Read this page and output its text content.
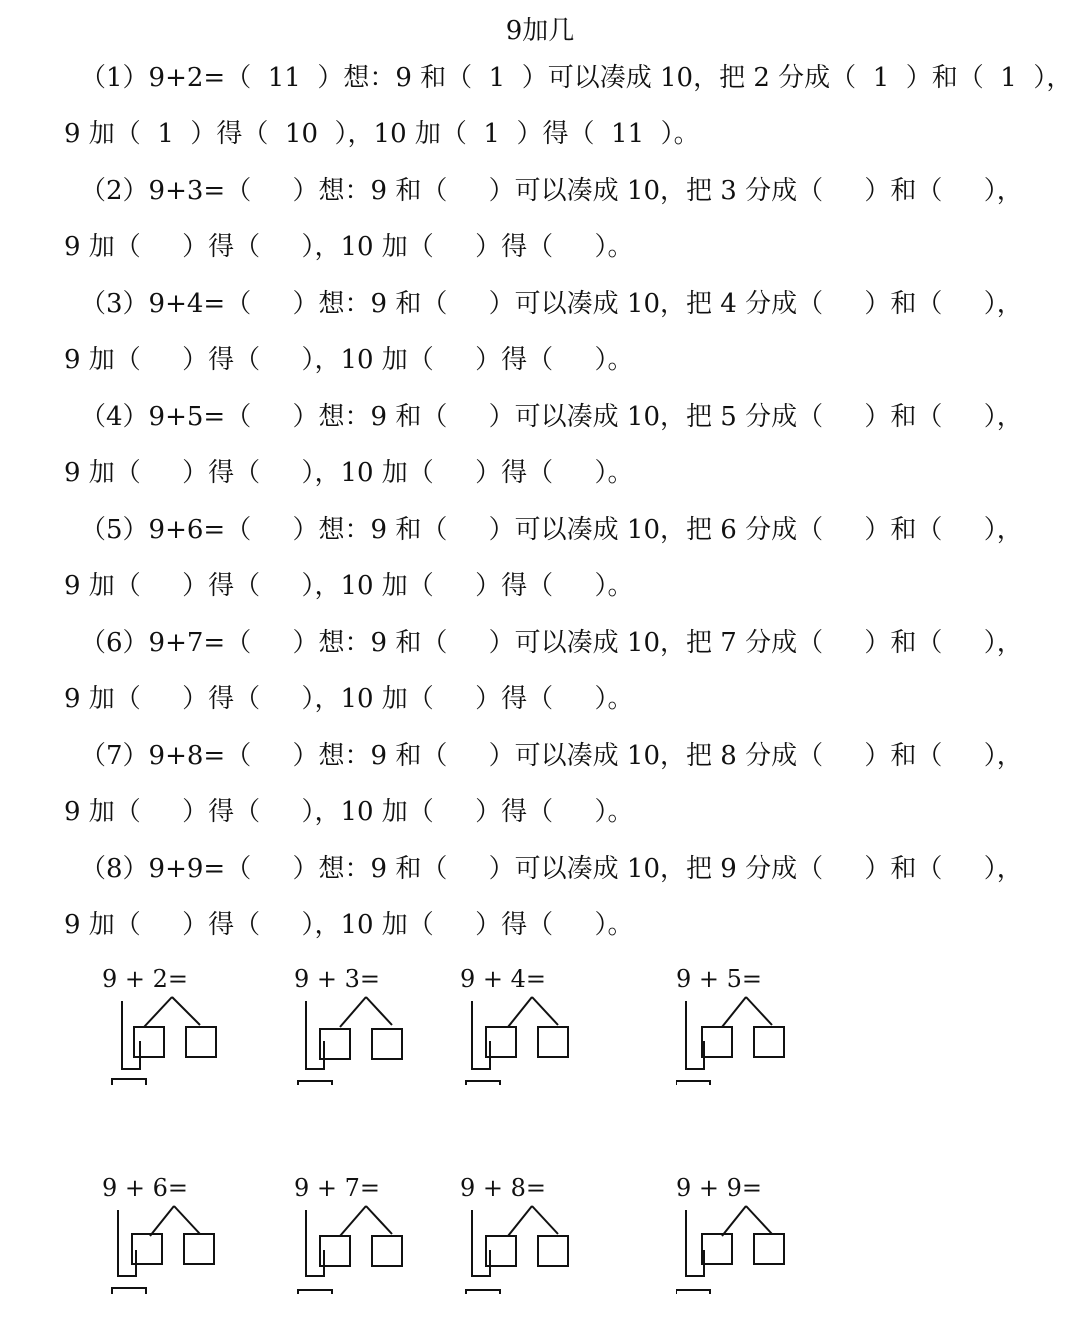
9加几
（1）9+2=（  11  ）想：9 和（  1  ）可以凑成 10，把 2 分成（  1  ）和（  1  ），
9 加（  1  ）得（  10  ），10 加（  1  ）得（  11  ）。
（2）9+3=（     ）想：9 和（     ）可以凑成 10，把 3 分成（     ）和（     ），
9 加（     ）得（     ），10 加（     ）得（     ）。
（3）9+4=（     ）想：9 和（     ）可以凑成 10，把 4 分成（     ）和（     ），
9 加（     ）得（     ），10 加（     ）得（     ）。
（4）9+5=（     ）想：9 和（     ）可以凑成 10，把 5 分成（     ）和（     ），
9 加（     ）得（     ），10 加（     ）得（     ）。
（5）9+6=（     ）想：9 和（     ）可以凑成 10，把 6 分成（     ）和（     ），
9 加（     ）得（     ），10 加（     ）得（     ）。
（6）9+7=（     ）想：9 和（     ）可以凑成 10，把 7 分成（     ）和（     ），
9 加（     ）得（     ），10 加（     ）得（     ）。
（7）9+8=（     ）想：9 和（     ）可以凑成 10，把 8 分成（     ）和（     ），
9 加（     ）得（     ），10 加（     ）得（     ）。
（8）9+9=（     ）想：9 和（     ）可以凑成 10，把 9 分成（     ）和（     ），
9 加（     ）得（     ），10 加（     ）得（     ）。
9 + 2=	9 + 3=	9 + 4=	9 + 5=
9 + 6=	9 + 7=	9 + 8=	9 + 9=
